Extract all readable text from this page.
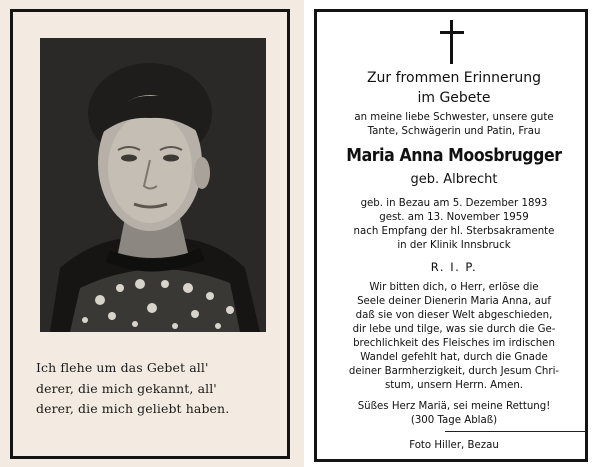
Ich flehe um das Gebet all'
derer, die mich gekannt, all'
derer, die mich geliebt haben.
Zur frommen Erinnerung
im Gebete
an meine liebe Schwester, unsere gute
Tante, Schwägerin und Patin, Frau
Maria Anna Moosbrugger
geb. Albrecht
geb. in Bezau am 5. Dezember 1893
gest. am 13. November 1959
nach Empfang der hl. Sterbsakramente
in der Klinik Innsbruck
R. I. P.
Wir bitten dich, o Herr, erlöse die
Seele deiner Dienerin Maria Anna, auf
daß sie von dieser Welt abgeschieden,
dir lebe und tilge, was sie durch die Ge-
brechlichkeit des Fleisches im irdischen
Wandel gefehlt hat, durch die Gnade
deiner Barmherzigkeit, durch Jesum Chri-
stum, unsern Herrn. Amen.
Süßes Herz Mariä, sei meine Rettung!
(300 Tage Ablaß)
Foto Hiller, Bezau
